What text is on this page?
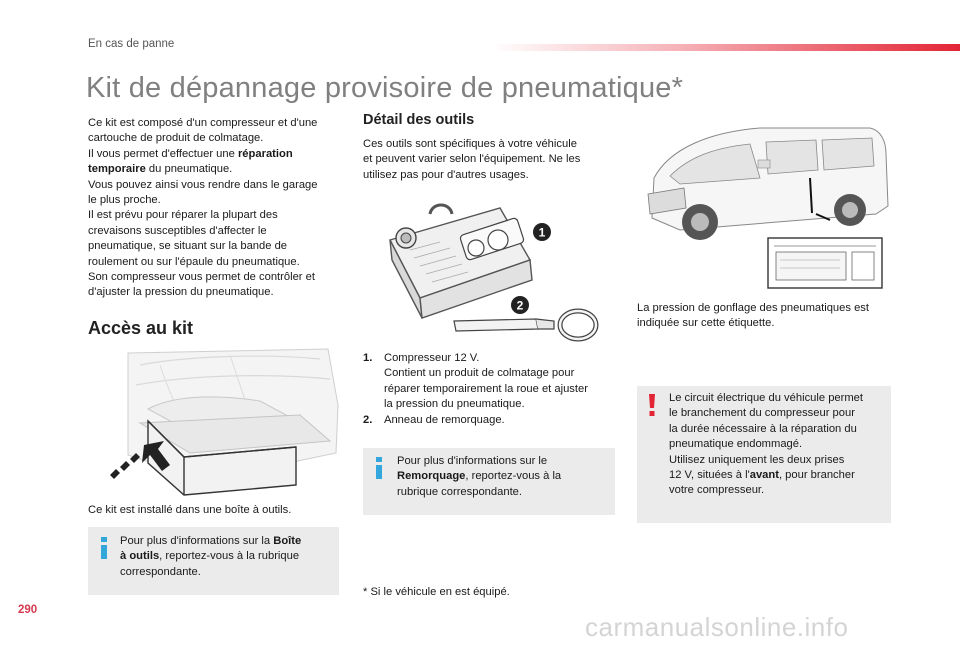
En cas de panne
Kit de dépannage provisoire de pneumatique*
Ce kit est composé d'un compresseur et d'une
cartouche de produit de colmatage.
Il vous permet d'effectuer une réparation
temporaire du pneumatique.
Vous pouvez ainsi vous rendre dans le garage
le plus proche.
Il est prévu pour réparer la plupart des
crevaisons susceptibles d'affecter le
pneumatique, se situant sur la bande de
roulement ou sur l'épaule du pneumatique.
Son compresseur vous permet de contrôler et
d'ajuster la pression du pneumatique.
Accès au kit
Ce kit est installé dans une boîte à outils.
Pour plus d'informations sur la Boîte
à outils, reportez-vous à la rubrique
correspondante.
Détail des outils
Ces outils sont spécifiques à votre véhicule
et peuvent varier selon l'équipement. Ne les
utilisez pas pour d'autres usages.
1
2
1. Compresseur 12 V.
Contient un produit de colmatage pour
réparer temporairement la roue et ajuster
la pression du pneumatique.
2. Anneau de remorquage.
Pour plus d'informations sur le
Remorquage, reportez-vous à la
rubrique correspondante.
La pression de gonflage des pneumatiques est
indiquée sur cette étiquette.
Le circuit électrique du véhicule permet
le branchement du compresseur pour
la durée nécessaire à la réparation du
pneumatique endommagé.
Utilisez uniquement les deux prises
12 V, situées à l'avant, pour brancher
votre compresseur.
* Si le véhicule en est équipé.
290
carmanualsonline.info
